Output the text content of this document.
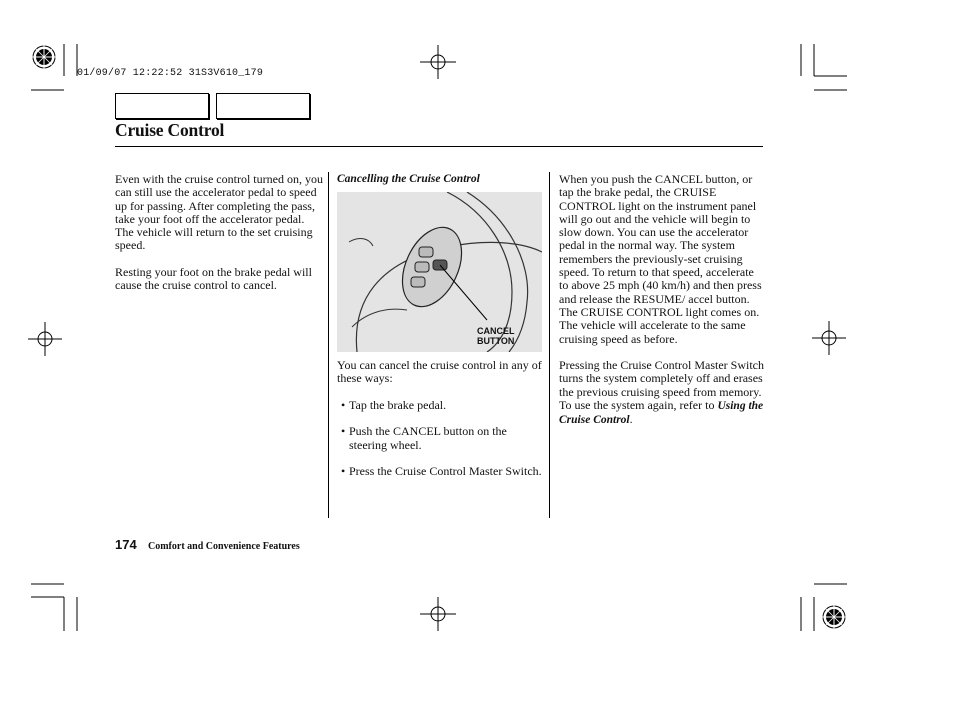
01/09/07 12:22:52 31S3V610_179
Cruise Control

Even with the cruise control turned on, you can still use the accelerator pedal to speed up for passing. After completing the pass, take your foot off the accelerator pedal. The vehicle will return to the set cruising speed.

Resting your foot on the brake pedal will cause the cruise control to cancel.

Cancelling the Cruise Control
CANCEL
BUTTON

You can cancel the cruise control in any of these ways:

• Tap the brake pedal.
• Push the CANCEL button on the steering wheel.
• Press the Cruise Control Master Switch.

When you push the CANCEL button, or tap the brake pedal, the CRUISE CONTROL light on the instrument panel will go out and the vehicle will begin to slow down. You can use the accelerator pedal in the normal way. The system remembers the previously-set cruising speed. To return to that speed, accelerate to above 25 mph (40 km/h) and then press and release the RESUME/ accel button. The CRUISE CONTROL light comes on. The vehicle will accelerate to the same cruising speed as before.

Pressing the Cruise Control Master Switch turns the system completely off and erases the previous cruising speed from memory. To use the system again, refer to Using the Cruise Control.

174 Comfort and Convenience Features
